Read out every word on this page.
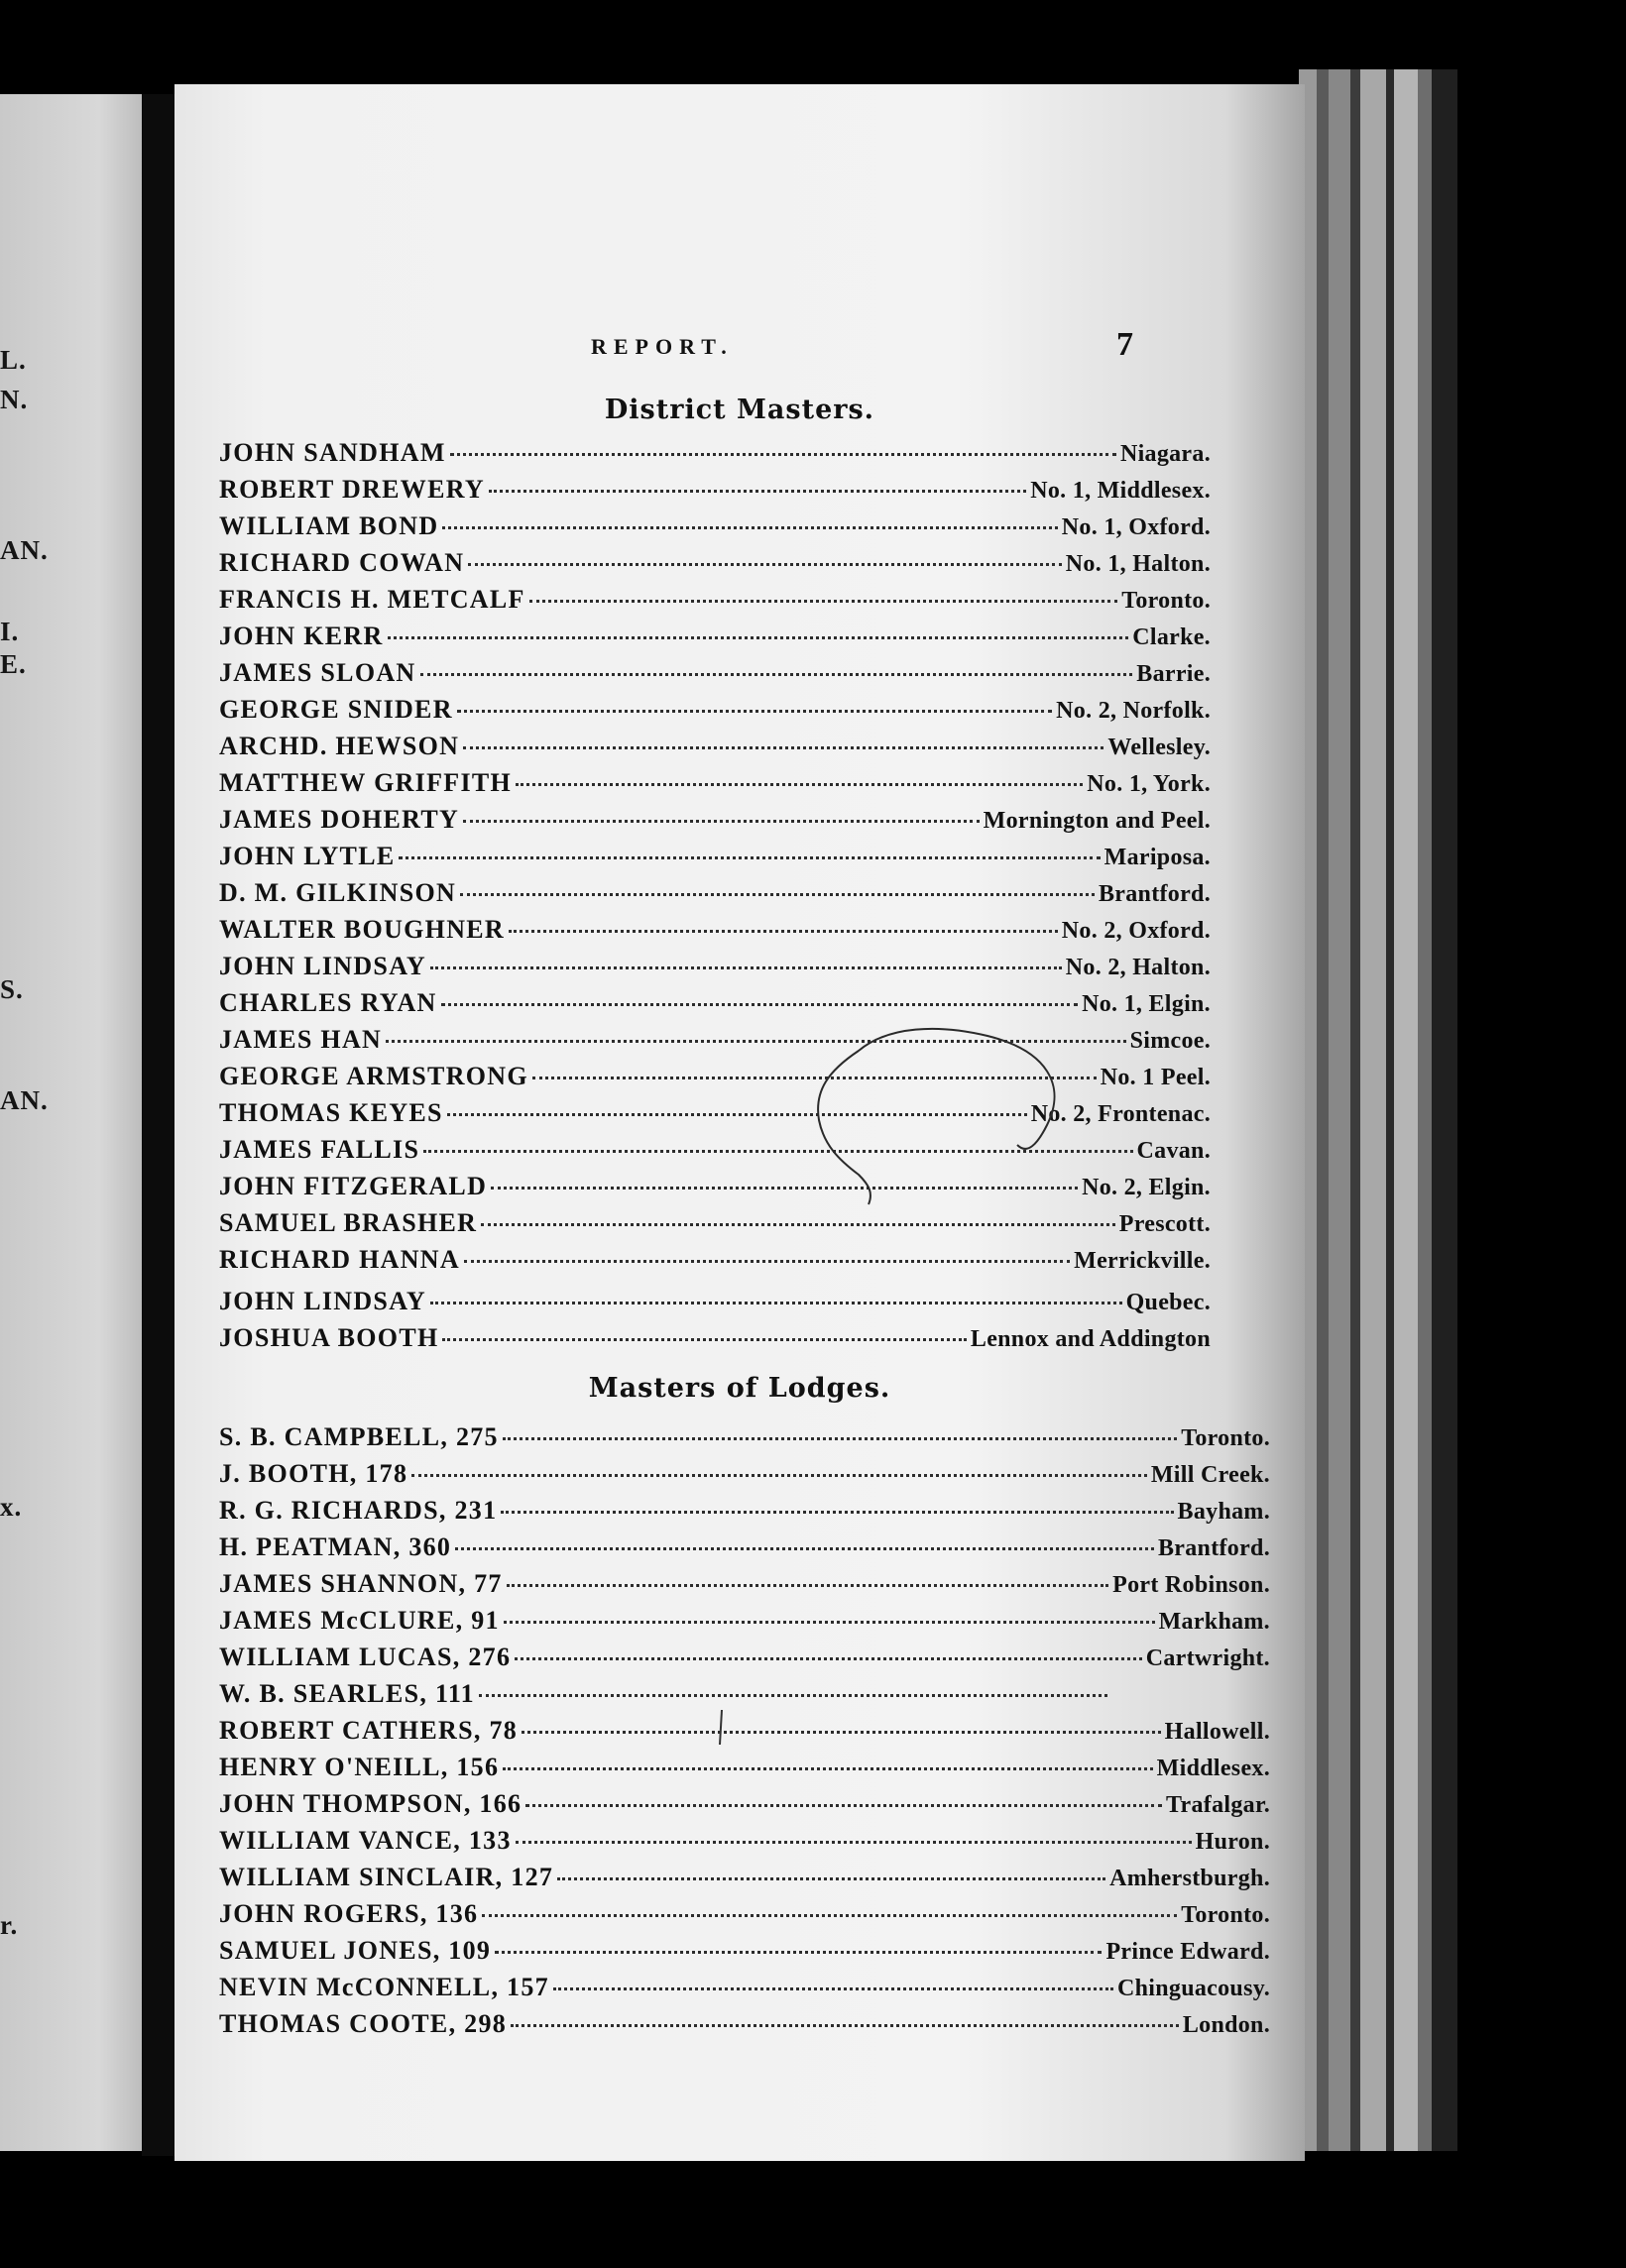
L.
N.
AN.
I.
E.
S.
AN.
x.
r.
REPORT.	7
District Masters.
JOHN SANDHAM	Niagara.
ROBERT DREWERY	No. 1, Middlesex.
WILLIAM BOND	No. 1, Oxford.
RICHARD COWAN	No. 1, Halton.
FRANCIS H. METCALF	Toronto.
JOHN KERR	Clarke.
JAMES SLOAN	Barrie.
GEORGE SNIDER	No. 2, Norfolk.
ARCHD. HEWSON	Wellesley.
MATTHEW GRIFFITH	No. 1, York.
JAMES DOHERTY	Mornington and Peel.
JOHN LYTLE	Mariposa.
D. M. GILKINSON	Brantford.
WALTER BOUGHNER	No. 2, Oxford.
JOHN LINDSAY	No. 2, Halton.
CHARLES RYAN	No. 1, Elgin.
JAMES HAN	Simcoe.
GEORGE ARMSTRONG	No. 1 Peel.
THOMAS KEYES	No. 2, Frontenac.
JAMES FALLIS	Cavan.
JOHN FITZGERALD	No. 2, Elgin.
SAMUEL BRASHER	Prescott.
RICHARD HANNA	Merrickville.
JOHN LINDSAY	Quebec.
JOSHUA BOOTH	Lennox and Addington
Masters of Lodges.
S. B. CAMPBELL, 275	Toronto.
J. BOOTH, 178	Mill Creek.
R. G. RICHARDS, 231	Bayham.
H. PEATMAN, 360	Brantford.
JAMES SHANNON, 77	Port Robinson.
JAMES McCLURE, 91	Markham.
WILLIAM LUCAS, 276	Cartwright.
W. B. SEARLES, 111
ROBERT CATHERS, 78	Hallowell.
HENRY O'NEILL, 156	Middlesex.
JOHN THOMPSON, 166	Trafalgar.
WILLIAM VANCE, 133	Huron.
WILLIAM SINCLAIR, 127	Amherstburgh.
JOHN ROGERS, 136	Toronto.
SAMUEL JONES, 109	Prince Edward.
NEVIN McCONNELL, 157	Chinguacousy.
THOMAS COOTE, 298	London.
